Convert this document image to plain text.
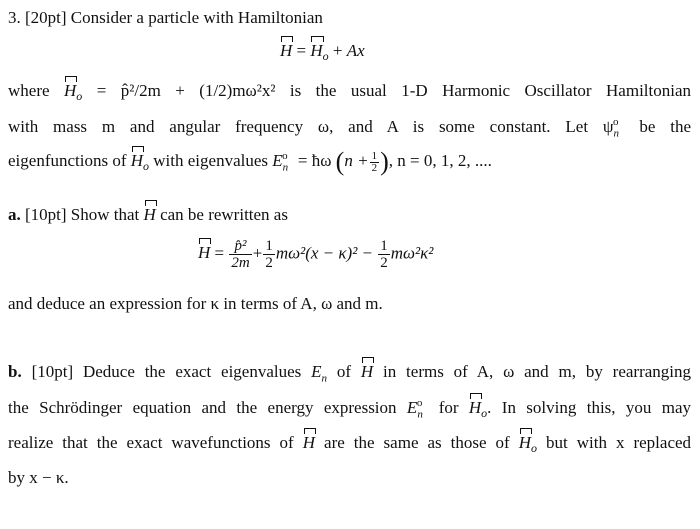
3. [20pt] Consider a particle with Hamiltonian
$H = H_o + Ax$
where $H_o$ = p̂²/2m + (1/2)mω²x² is the usual 1-D Harmonic Oscillator Hamiltonian
with mass m and angular frequency ω, and A is some constant. Let $\psi_n^o$ be the
eigenfunctions of $H_o$ with eigenvalues $E_n^o$ = ħω ($n + \frac{1}{2}$ ), n = 0, 1, 2, ....
a. [10pt] Show that H can be rewritten as
$H = \frac{\text{p̂²}}{2m} + \frac{1}{2} m\omega^2(x - \kappa)^2 - \frac{1}{2} m\omega^2\kappa^2$
and deduce an expression for κ in terms of A, ω and m.
b. [10pt] Deduce the exact eigenvalues $E_n$ of H in terms of A, ω and m, by rearranging
the Schrödinger equation and the energy expression $E_n^o$ for $H_o$. In solving this, you may
realize that the exact wavefunctions of H are the same as those of $H_o$ but with x replaced
by x − κ.
